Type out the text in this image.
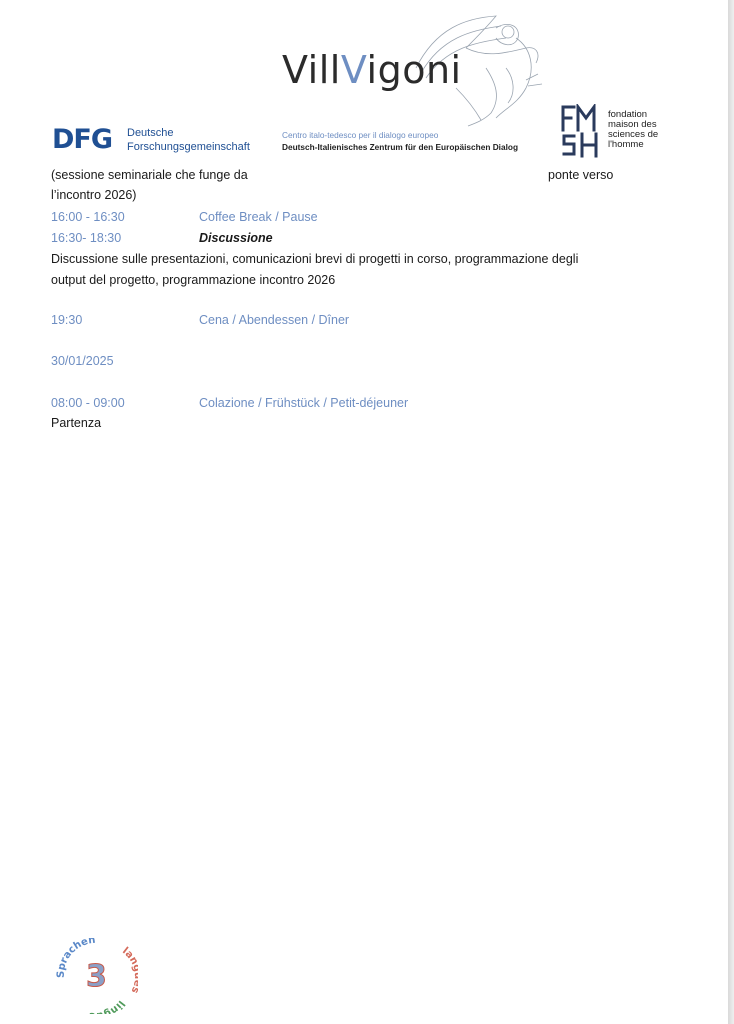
VillVigoni
Centro italo-tedesco per il dialogo europeo
Deutsch-Italienisches Zentrum für den Europäischen Dialog
DFG Deutsche
Forschungsgemeinschaft
fondation maison des sciences de l'homme
(sessione seminariale che funge da	ponte verso
l’incontro 2026)
16:00 - 16:30	Coffee Break / Pause
16:30- 18:30	Discussione
Discussione sulle presentazioni, comunicazioni brevi di progetti in corso, programmazione degli
output del progetto, programmazione incontro 2026
19:30	Cena / Abendessen / Dîner
30/01/2025
08:00 - 09:00	Colazione / Frühstück / Petit-déjeuner
Partenza
Sprachen
la
ling
3
